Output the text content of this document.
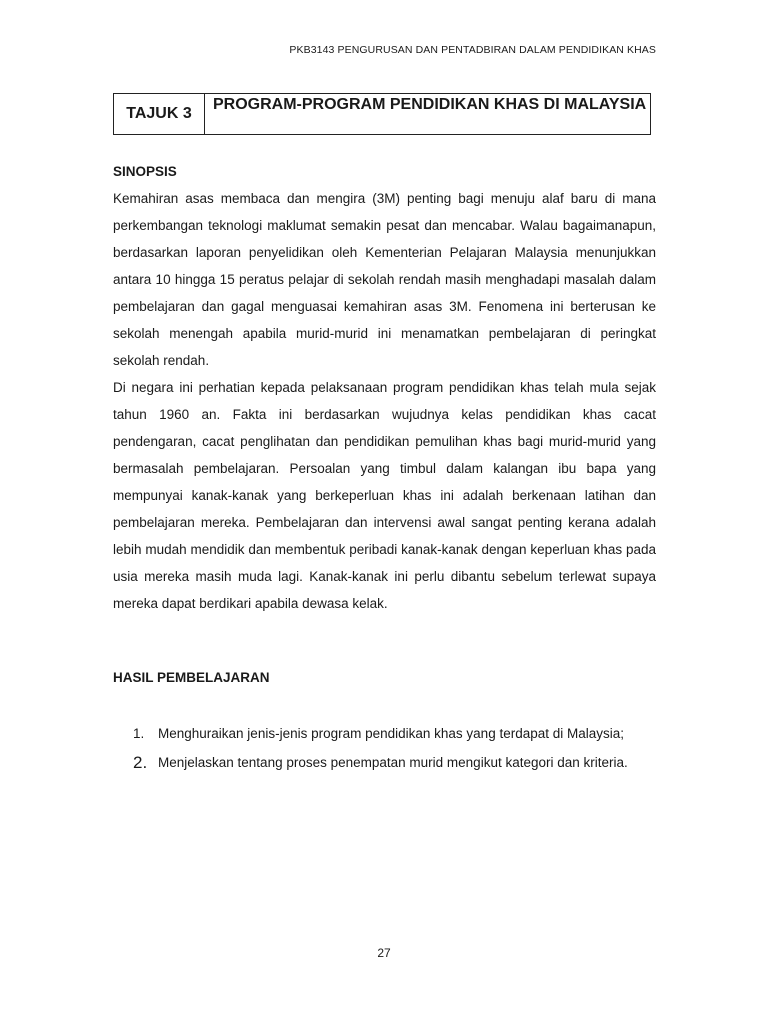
PKB3143 PENGURUSAN DAN PENTADBIRAN DALAM PENDIDIKAN KHAS
TAJUK 3
PROGRAM-PROGRAM PENDIDIKAN KHAS DI MALAYSIA
SINOPSIS

Kemahiran asas membaca dan mengira (3M) penting bagi menuju alaf baru di mana perkembangan teknologi maklumat semakin pesat dan mencabar. Walau bagaimanapun, berdasarkan laporan penyelidikan oleh Kementerian Pelajaran Malaysia menunjukkan antara 10 hingga 15 peratus pelajar di sekolah rendah masih menghadapi masalah dalam pembelajaran dan gagal menguasai kemahiran asas 3M. Fenomena ini berterusan ke sekolah menengah apabila murid-murid ini menamatkan pembelajaran di peringkat sekolah rendah.

Di negara ini perhatian kepada pelaksanaan program pendidikan khas telah mula sejak tahun 1960 an. Fakta ini berdasarkan wujudnya kelas pendidikan khas cacat pendengaran, cacat penglihatan dan pendidikan pemulihan khas bagi murid-murid yang bermasalah pembelajaran. Persoalan yang timbul dalam kalangan ibu bapa yang mempunyai kanak-kanak yang berkeperluan khas ini adalah berkenaan latihan dan pembelajaran mereka. Pembelajaran dan intervensi awal sangat penting kerana adalah lebih mudah mendidik dan membentuk peribadi kanak-kanak dengan keperluan khas pada usia mereka masih muda lagi. Kanak-kanak ini perlu dibantu sebelum terlewat supaya mereka dapat berdikari apabila dewasa kelak.

HASIL PEMBELAJARAN
1.	Menghuraikan jenis-jenis program pendidikan khas yang terdapat di Malaysia;
2. Menjelaskan tentang proses penempatan murid mengikut kategori dan kriteria.
27
